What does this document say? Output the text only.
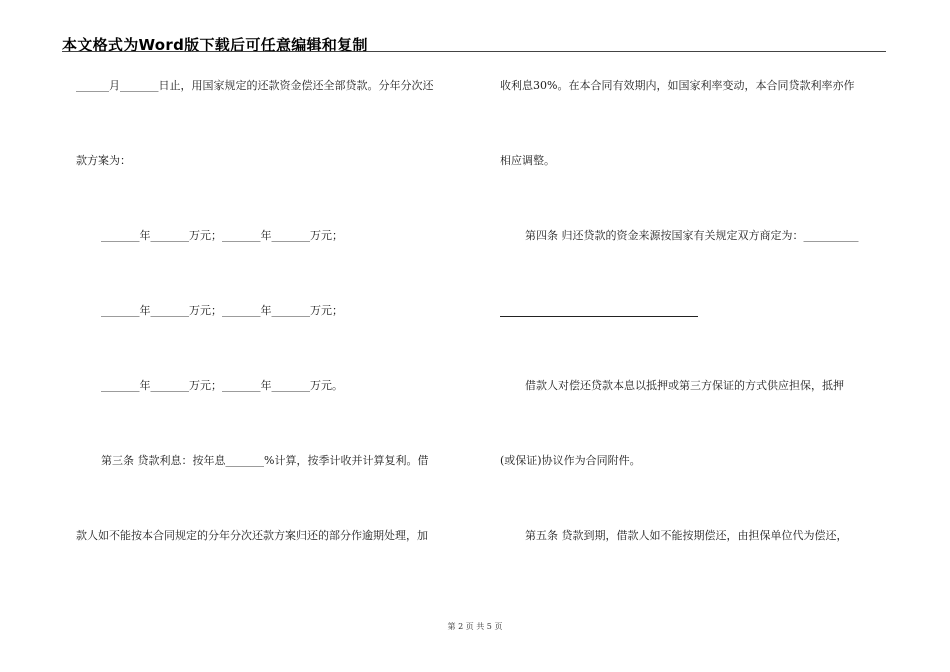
本文格式为Word版下载后可任意编辑和复制
______月_______日止，用国家规定的还款资金偿还全部贷款。分年分次还
款方案为：
_______年_______万元；_______年_______万元；
_______年_______万元；_______年_______万元；
_______年_______万元；_______年_______万元。
第三条 贷款利息：按年息_______%计算，按季计收并计算复利。借
款人如不能按本合同规定的分年分次还款方案归还的部分作逾期处理，加
收利息30%。在本合同有效期内，如国家利率变动，本合同贷款利率亦作
相应调整。
第四条 归还贷款的资金来源按国家有关规定双方商定为：__________
借款人对偿还贷款本息以抵押或第三方保证的方式供应担保，抵押
(或保证)协议作为合同附件。
第五条 贷款到期，借款人如不能按期偿还，由担保单位代为偿还，
第 2 页 共 5 页
